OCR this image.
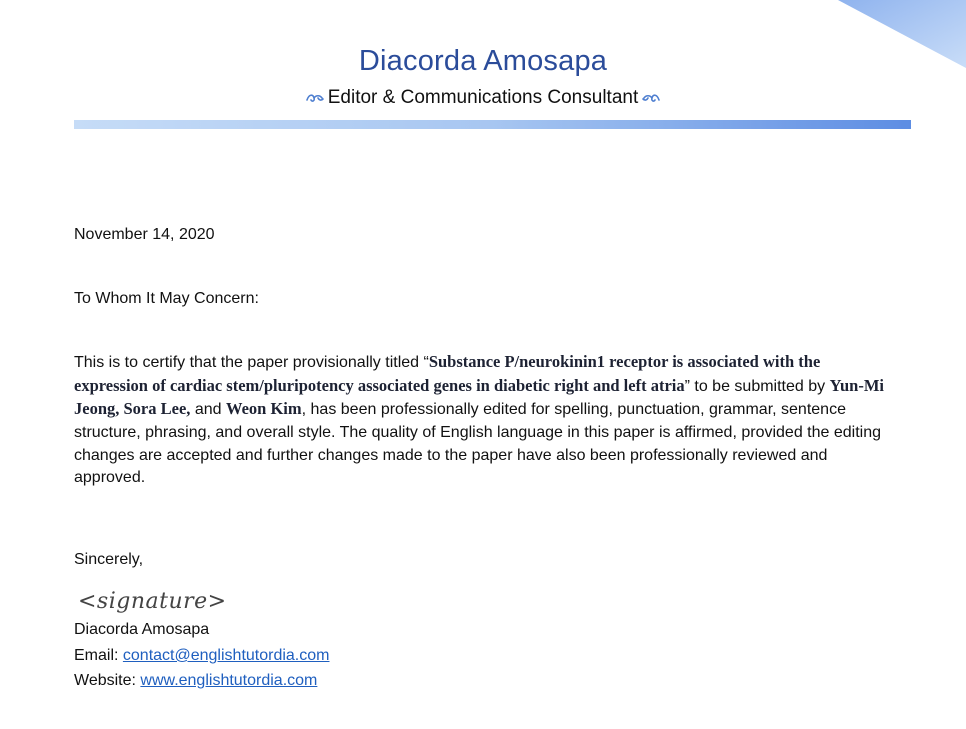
Diacorda Amosapa
Editor & Communications Consultant

November 14, 2020

To Whom It May Concern:

This is to certify that the paper provisionally titled “Substance P/neurokinin1 receptor is associated with the expression of cardiac stem/pluripotency associated genes in diabetic right and left atria” to be submitted by Yun-Mi Jeong, Sora Lee, and Weon Kim, has been professionally edited for spelling, punctuation, grammar, sentence structure, phrasing, and overall style. The quality of English language in this paper is affirmed, provided the editing changes are accepted and further changes made to the paper have also been professionally reviewed and approved.

Sincerely,

<signature>
Diacorda Amosapa
Email: contact@englishtutordia.com
Website: www.englishtutordia.com
